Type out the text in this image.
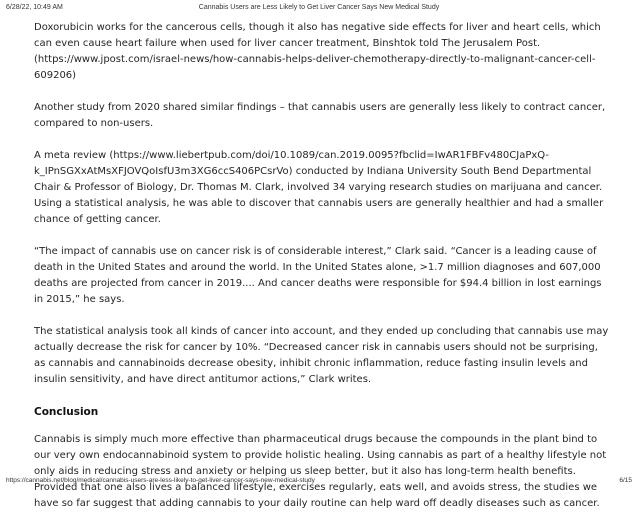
6/28/22, 10:49 AM	Cannabis Users are Less Likely to Get Liver Cancer Says New Medical Study

Doxorubicin works for the cancerous cells, though it also has negative side effects for liver and heart cells, which can even cause heart failure when used for liver cancer treatment, Binshtok told The Jerusalem Post. (https://www.jpost.com/israel-news/how-cannabis-helps-deliver-chemotherapy-directly-to-malignant-cancer-cell-609206)

Another study from 2020 shared similar findings – that cannabis users are generally less likely to contract cancer, compared to non-users.

A meta review (https://www.liebertpub.com/doi/10.1089/can.2019.0095?fbclid=IwAR1FBFv480CJaPxQ-k_IPnSGXxAtMsXFJOVQoIsfU3m3XG6ccS406PCsrVo) conducted by Indiana University South Bend Departmental Chair & Professor of Biology, Dr. Thomas M. Clark, involved 34 varying research studies on marijuana and cancer. Using a statistical analysis, he was able to discover that cannabis users are generally healthier and had a smaller chance of getting cancer.

“The impact of cannabis use on cancer risk is of considerable interest,” Clark said. “Cancer is a leading cause of death in the United States and around the world. In the United States alone, >1.7 million diagnoses and 607,000 deaths are projected from cancer in 2019.... And cancer deaths were responsible for $94.4 billion in lost earnings in 2015,” he says.

The statistical analysis took all kinds of cancer into account, and they ended up concluding that cannabis use may actually decrease the risk for cancer by 10%. “Decreased cancer risk in cannabis users should not be surprising, as cannabis and cannabinoids decrease obesity, inhibit chronic inflammation, reduce fasting insulin levels and insulin sensitivity, and have direct antitumor actions,” Clark writes.

Conclusion

Cannabis is simply much more effective than pharmaceutical drugs because the compounds in the plant bind to our very own endocannabinoid system to provide holistic healing. Using cannabis as part of a healthy lifestyle not only aids in reducing stress and anxiety or helping us sleep better, but it also has long-term health benefits. Provided that one also lives a balanced lifestyle, exercises regularly, eats well, and avoids stress, the studies we have so far suggest that adding cannabis to your daily routine can help ward off deadly diseases such as cancer.

https://cannabis.net/blog/medical/cannabis-users-are-less-likely-to-get-liver-cancer-says-new-medical-study	6/15
